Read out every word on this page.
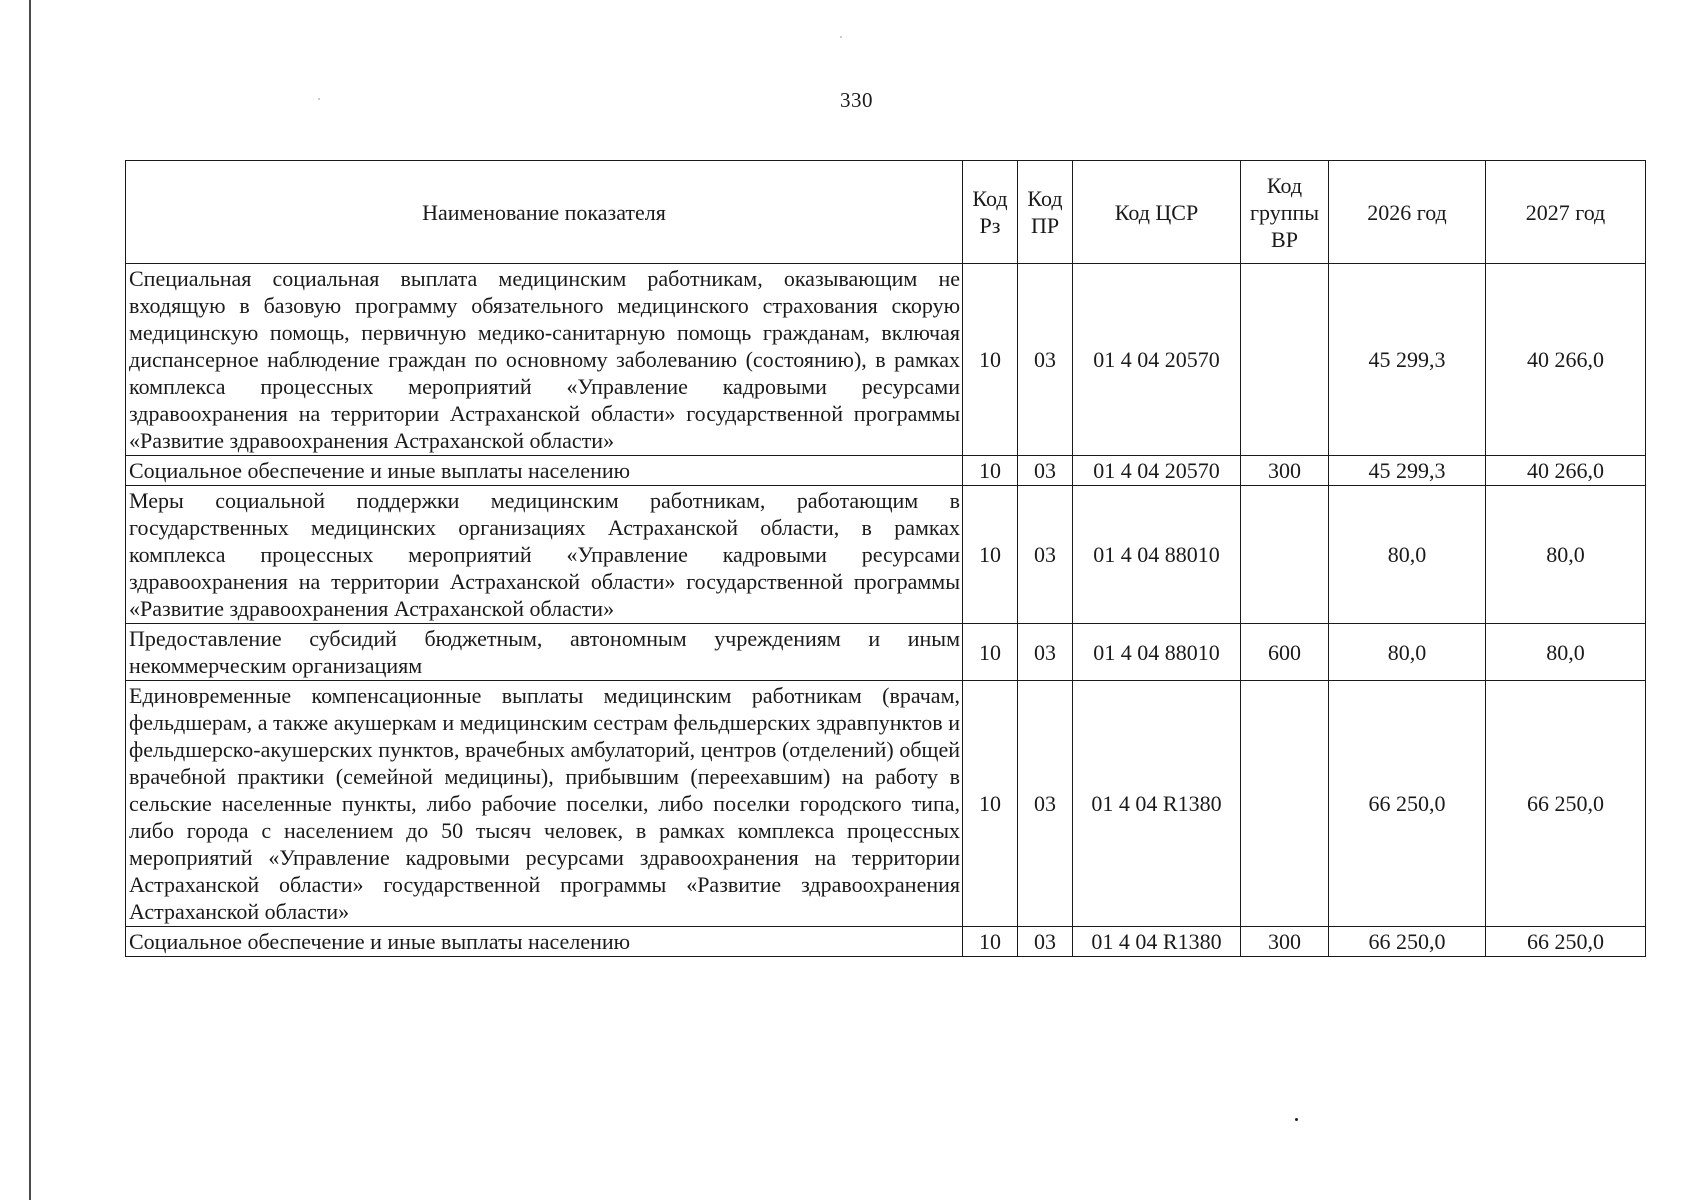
330
Наименование показателя	Код Рз	Код ПР	Код ЦСР	Код группы ВР	2026 год	2027 год
Специальная социальная выплата медицинским работникам, оказывающим не входящую в базовую программу обязательного медицинского страхования скорую медицинскую помощь, первичную медико-санитарную помощь гражданам, включая диспансерное наблюдение граждан по основному заболеванию (состоянию), в рамках комплекса процессных мероприятий «Управление кадровыми ресурсами здравоохранения на территории Астраханской области» государственной программы «Развитие здравоохранения Астраханской области»	10	03	01 4 04 20570		45 299,3	40 266,0
Социальное обеспечение и иные выплаты населению	10	03	01 4 04 20570	300	45 299,3	40 266,0
Меры социальной поддержки медицинским работникам, работающим в государственных медицинских организациях Астраханской области, в рамках комплекса процессных мероприятий «Управление кадровыми ресурсами здравоохранения на территории Астраханской области» государственной программы «Развитие здравоохранения Астраханской области»	10	03	01 4 04 88010		80,0	80,0
Предоставление субсидий бюджетным, автономным учреждениям и иным некоммерческим организациям	10	03	01 4 04 88010	600	80,0	80,0
Единовременные компенсационные выплаты медицинским работникам (врачам, фельдшерам, а также акушеркам и медицинским сестрам фельдшерских здравпунктов и фельдшерско-акушерских пунктов, врачебных амбулаторий, центров (отделений) общей врачебной практики (семейной медицины), прибывшим (переехавшим) на работу в сельские населенные пункты, либо рабочие поселки, либо поселки городского типа, либо города с населением до 50 тысяч человек, в рамках комплекса процессных мероприятий «Управление кадровыми ресурсами здравоохранения на территории Астраханской области» государственной программы «Развитие здравоохранения Астраханской области»	10	03	01 4 04 R1380		66 250,0	66 250,0
Социальное обеспечение и иные выплаты населению	10	03	01 4 04 R1380	300	66 250,0	66 250,0
